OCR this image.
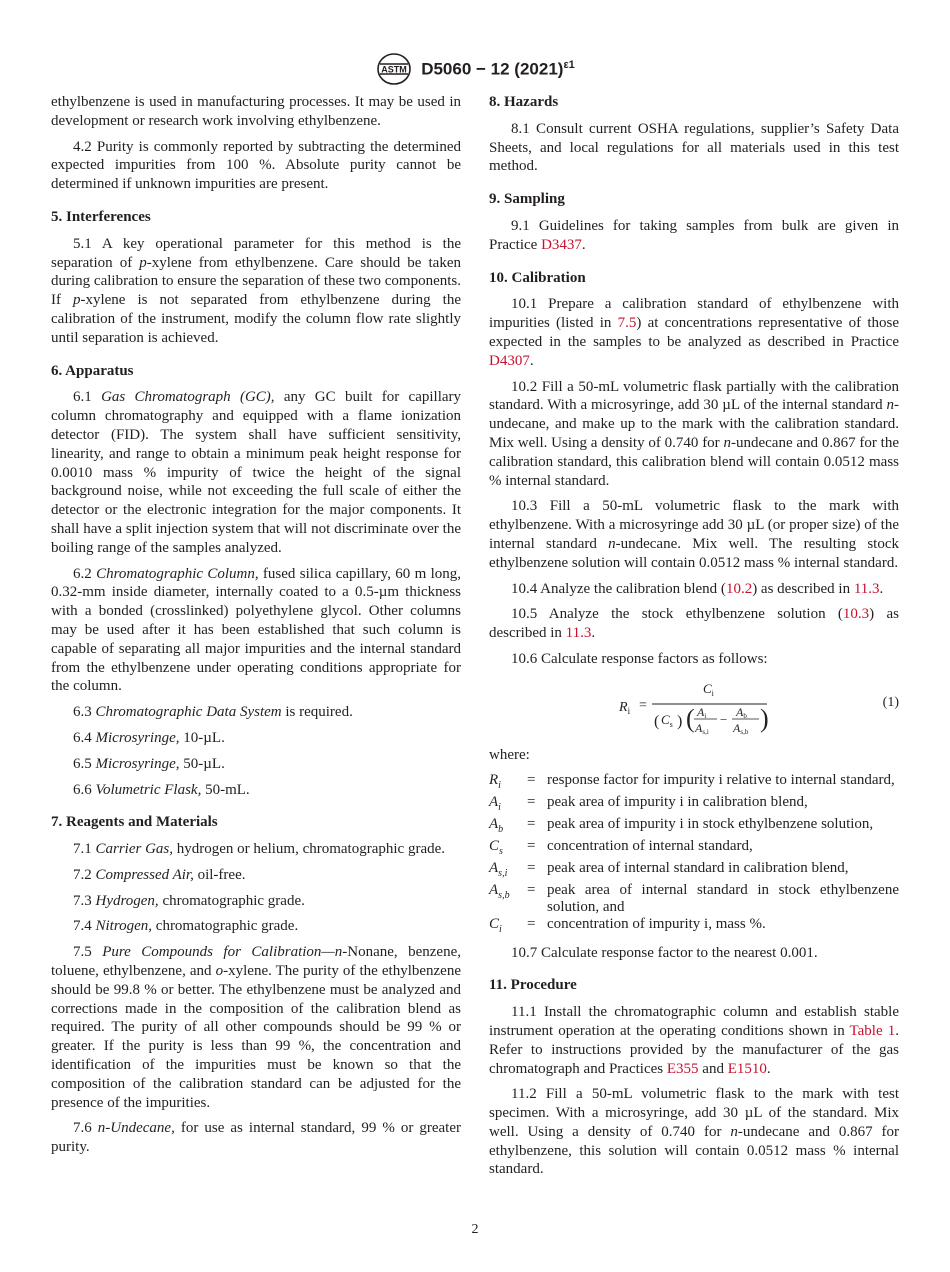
ASTM D5060 − 12 $(2021)^{\varepsilon 1}$

ethylbenzene is used in manufacturing processes. It may be used in development or research work involving ethylbenzene.

4.2 Purity is commonly reported by subtracting the determined expected impurities from 100 %. Absolute purity cannot be determined if unknown impurities are present.

5. Interferences

5.1 A key operational parameter for this method is the separation of p-xylene from ethylbenzene. Care should be taken during calibration to ensure the separation of these two components. If p-xylene is not separated from ethylbenzene during the calibration of the instrument, modify the column flow rate slightly until separation is achieved.

6. Apparatus

6.1 Gas Chromatograph (GC), any GC built for capillary column chromatography and equipped with a flame ionization detector (FID). The system shall have sufficient sensitivity, linearity, and range to obtain a minimum peak height response for 0.0010 mass % impurity of twice the height of the signal background noise, while not exceeding the full scale of either the detector or the electronic integration for the major components. It shall have a split injection system that will not discriminate over the boiling range of the samples analyzed.

6.2 Chromatographic Column, fused silica capillary, 60 m long, 0.32-mm inside diameter, internally coated to a 0.5-µm thickness with a bonded (crosslinked) polyethylene glycol. Other columns may be used after it has been established that such column is capable of separating all major impurities and the internal standard from the ethylbenzene under operating conditions appropriate for the column.

6.3 Chromatographic Data System is required.

6.4 Microsyringe, 10-µL.

6.5 Microsyringe, 50-µL.

6.6 Volumetric Flask, 50-mL.

7. Reagents and Materials

7.1 Carrier Gas, hydrogen or helium, chromatographic grade.

7.2 Compressed Air, oil-free.

7.3 Hydrogen, chromatographic grade.

7.4 Nitrogen, chromatographic grade.

7.5 Pure Compounds for Calibration—n-Nonane, benzene, toluene, ethylbenzene, and o-xylene. The purity of the ethylbenzene should be 99.8 % or better. The ethylbenzene must be analyzed and corrections made in the composition of the calibration blend as required. The purity of all other compounds should be 99 % or greater. If the purity is less than 99 %, the concentration and identification of the impurities must be known so that the composition of the calibration standard can be adjusted for the presence of the impurities.

7.6 n-Undecane, for use as internal standard, 99 % or greater purity.

8. Hazards

8.1 Consult current OSHA regulations, supplier’s Safety Data Sheets, and local regulations for all materials used in this test method.

9. Sampling

9.1 Guidelines for taking samples from bulk are given in Practice D3437.

10. Calibration

10.1 Prepare a calibration standard of ethylbenzene with impurities (listed in 7.5) at concentrations representative of those expected in the samples to be analyzed as described in Practice D4307.

10.2 Fill a 50-mL volumetric flask partially with the calibration standard. With a microsyringe, add 30 µL of the internal standard n-undecane, and make up to the mark with the calibration standard. Mix well. Using a density of 0.740 for n-undecane and 0.867 for the calibration standard, this calibration blend will contain 0.0512 mass % internal standard.

10.3 Fill a 50-mL volumetric flask to the mark with ethylbenzene. With a microsyringe add 30 µL (or proper size) of the internal standard n-undecane. Mix well. The resulting stock ethylbenzene solution will contain 0.0512 mass % internal standard.

10.4 Analyze the calibration blend (10.2) as described in 11.3.

10.5 Analyze the stock ethylbenzene solution (10.3) as described in 11.3.

10.6 Calculate response factors as follows:

$R_i$ =
$C_i$
( $C_s$ ) ( Ai
As,i
− Ab
As,b )
(1)

where:

$R_i$	=	response factor for impurity i relative to internal standard,
$A_i$	=	peak area of impurity i in calibration blend,
$A_b$	=	peak area of impurity i in stock ethylbenzene solution,
$C_s$	=	concentration of internal standard,
$A_{s,i}$	=	peak area of internal standard in calibration blend,
$A_{s,b}$	=	peak area of internal standard in stock ethylbenzene solution, and
$C_i$	=	concentration of impurity i, mass %.

10.7 Calculate response factor to the nearest 0.001.

11. Procedure

11.1 Install the chromatographic column and establish stable instrument operation at the operating conditions shown in Table 1. Refer to instructions provided by the manufacturer of the gas chromatograph and Practices E355 and E1510.

11.2 Fill a 50-mL volumetric flask to the mark with test specimen. With a microsyringe, add 30 µL of the standard. Mix well. Using a density of 0.740 for n-undecane and 0.867 for ethylbenzene, this solution will contain 0.0512 mass % internal standard.

2
